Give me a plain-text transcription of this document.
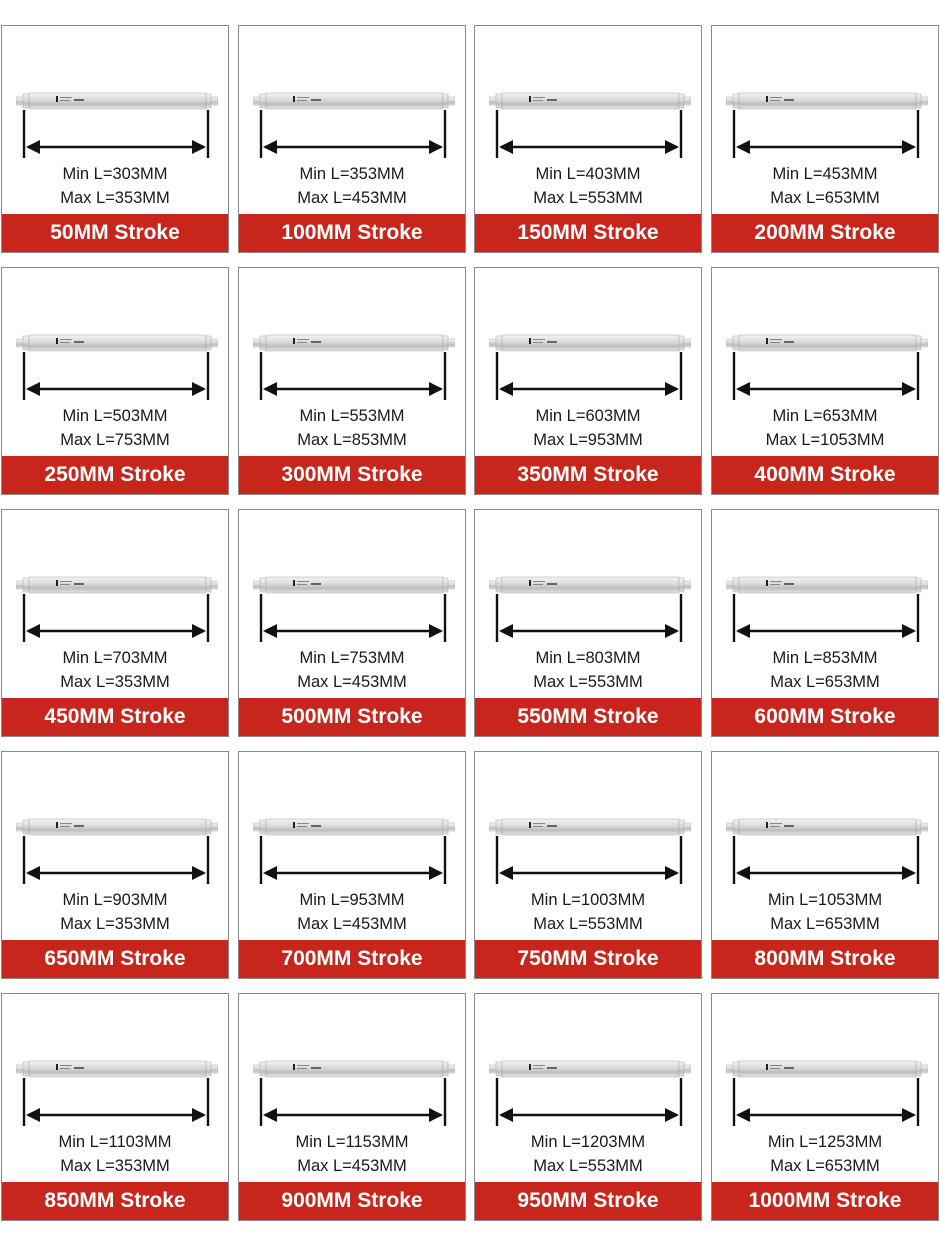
Min L=303MM
Max L=353MM
50MM Stroke
Min L=353MM
Max L=453MM
100MM Stroke
Min L=403MM
Max L=553MM
150MM Stroke
Min L=453MM
Max L=653MM
200MM Stroke
Min L=503MM
Max L=753MM
250MM Stroke
Min L=553MM
Max L=853MM
300MM Stroke
Min L=603MM
Max L=953MM
350MM Stroke
Min L=653MM
Max L=1053MM
400MM Stroke
Min L=703MM
Max L=353MM
450MM Stroke
Min L=753MM
Max L=453MM
500MM Stroke
Min L=803MM
Max L=553MM
550MM Stroke
Min L=853MM
Max L=653MM
600MM Stroke
Min L=903MM
Max L=353MM
650MM Stroke
Min L=953MM
Max L=453MM
700MM Stroke
Min L=1003MM
Max L=553MM
750MM Stroke
Min L=1053MM
Max L=653MM
800MM Stroke
Min L=1103MM
Max L=353MM
850MM Stroke
Min L=1153MM
Max L=453MM
900MM Stroke
Min L=1203MM
Max L=553MM
950MM Stroke
Min L=1253MM
Max L=653MM
1000MM Stroke
